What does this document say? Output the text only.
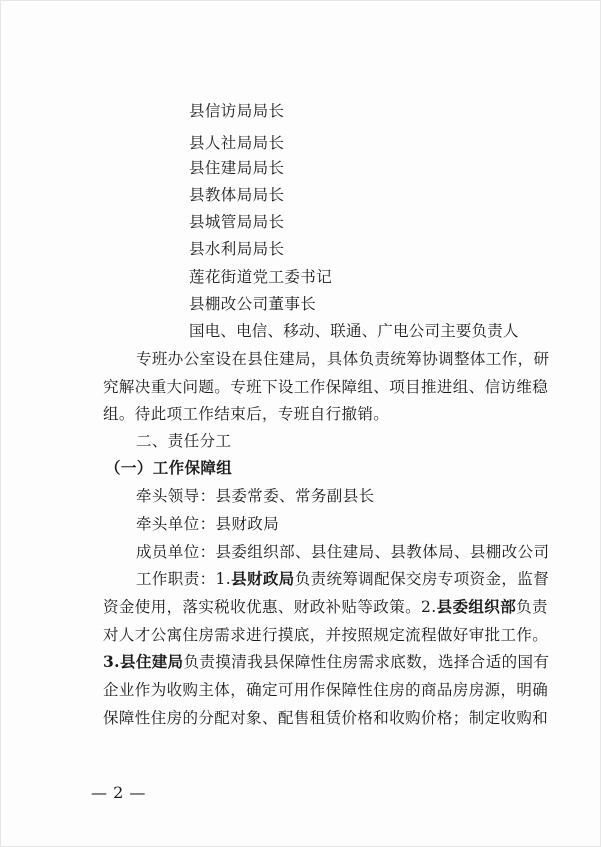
县信访局局长
县人社局局长
县住建局局长
县教体局局长
县城管局局长
县水利局局长
莲花街道党工委书记
县棚改公司董事长
国电、电信、移动、联通、广电公司主要负责人
专班办公室设在县住建局，具体负责统筹协调整体工作，研
究解决重大问题。专班下设工作保障组、项目推进组、信访维稳
组。待此项工作结束后，专班自行撤销。
二、责任分工
（一）工作保障组
牵头领导：县委常委、常务副县长
牵头单位：县财政局
成员单位：县委组织部、县住建局、县教体局、县棚改公司
工作职责：1.县财政局负责统筹调配保交房专项资金，监督
资金使用，落实税收优惠、财政补贴等政策。2.县委组织部负责
对人才公寓住房需求进行摸底，并按照规定流程做好审批工作。
3.县住建局负责摸清我县保障性住房需求底数，选择合适的国有
企业作为收购主体，确定可用作保障性住房的商品房房源，明确
保障性住房的分配对象、配售租赁价格和收购价格；制定收购和
— 2 —
